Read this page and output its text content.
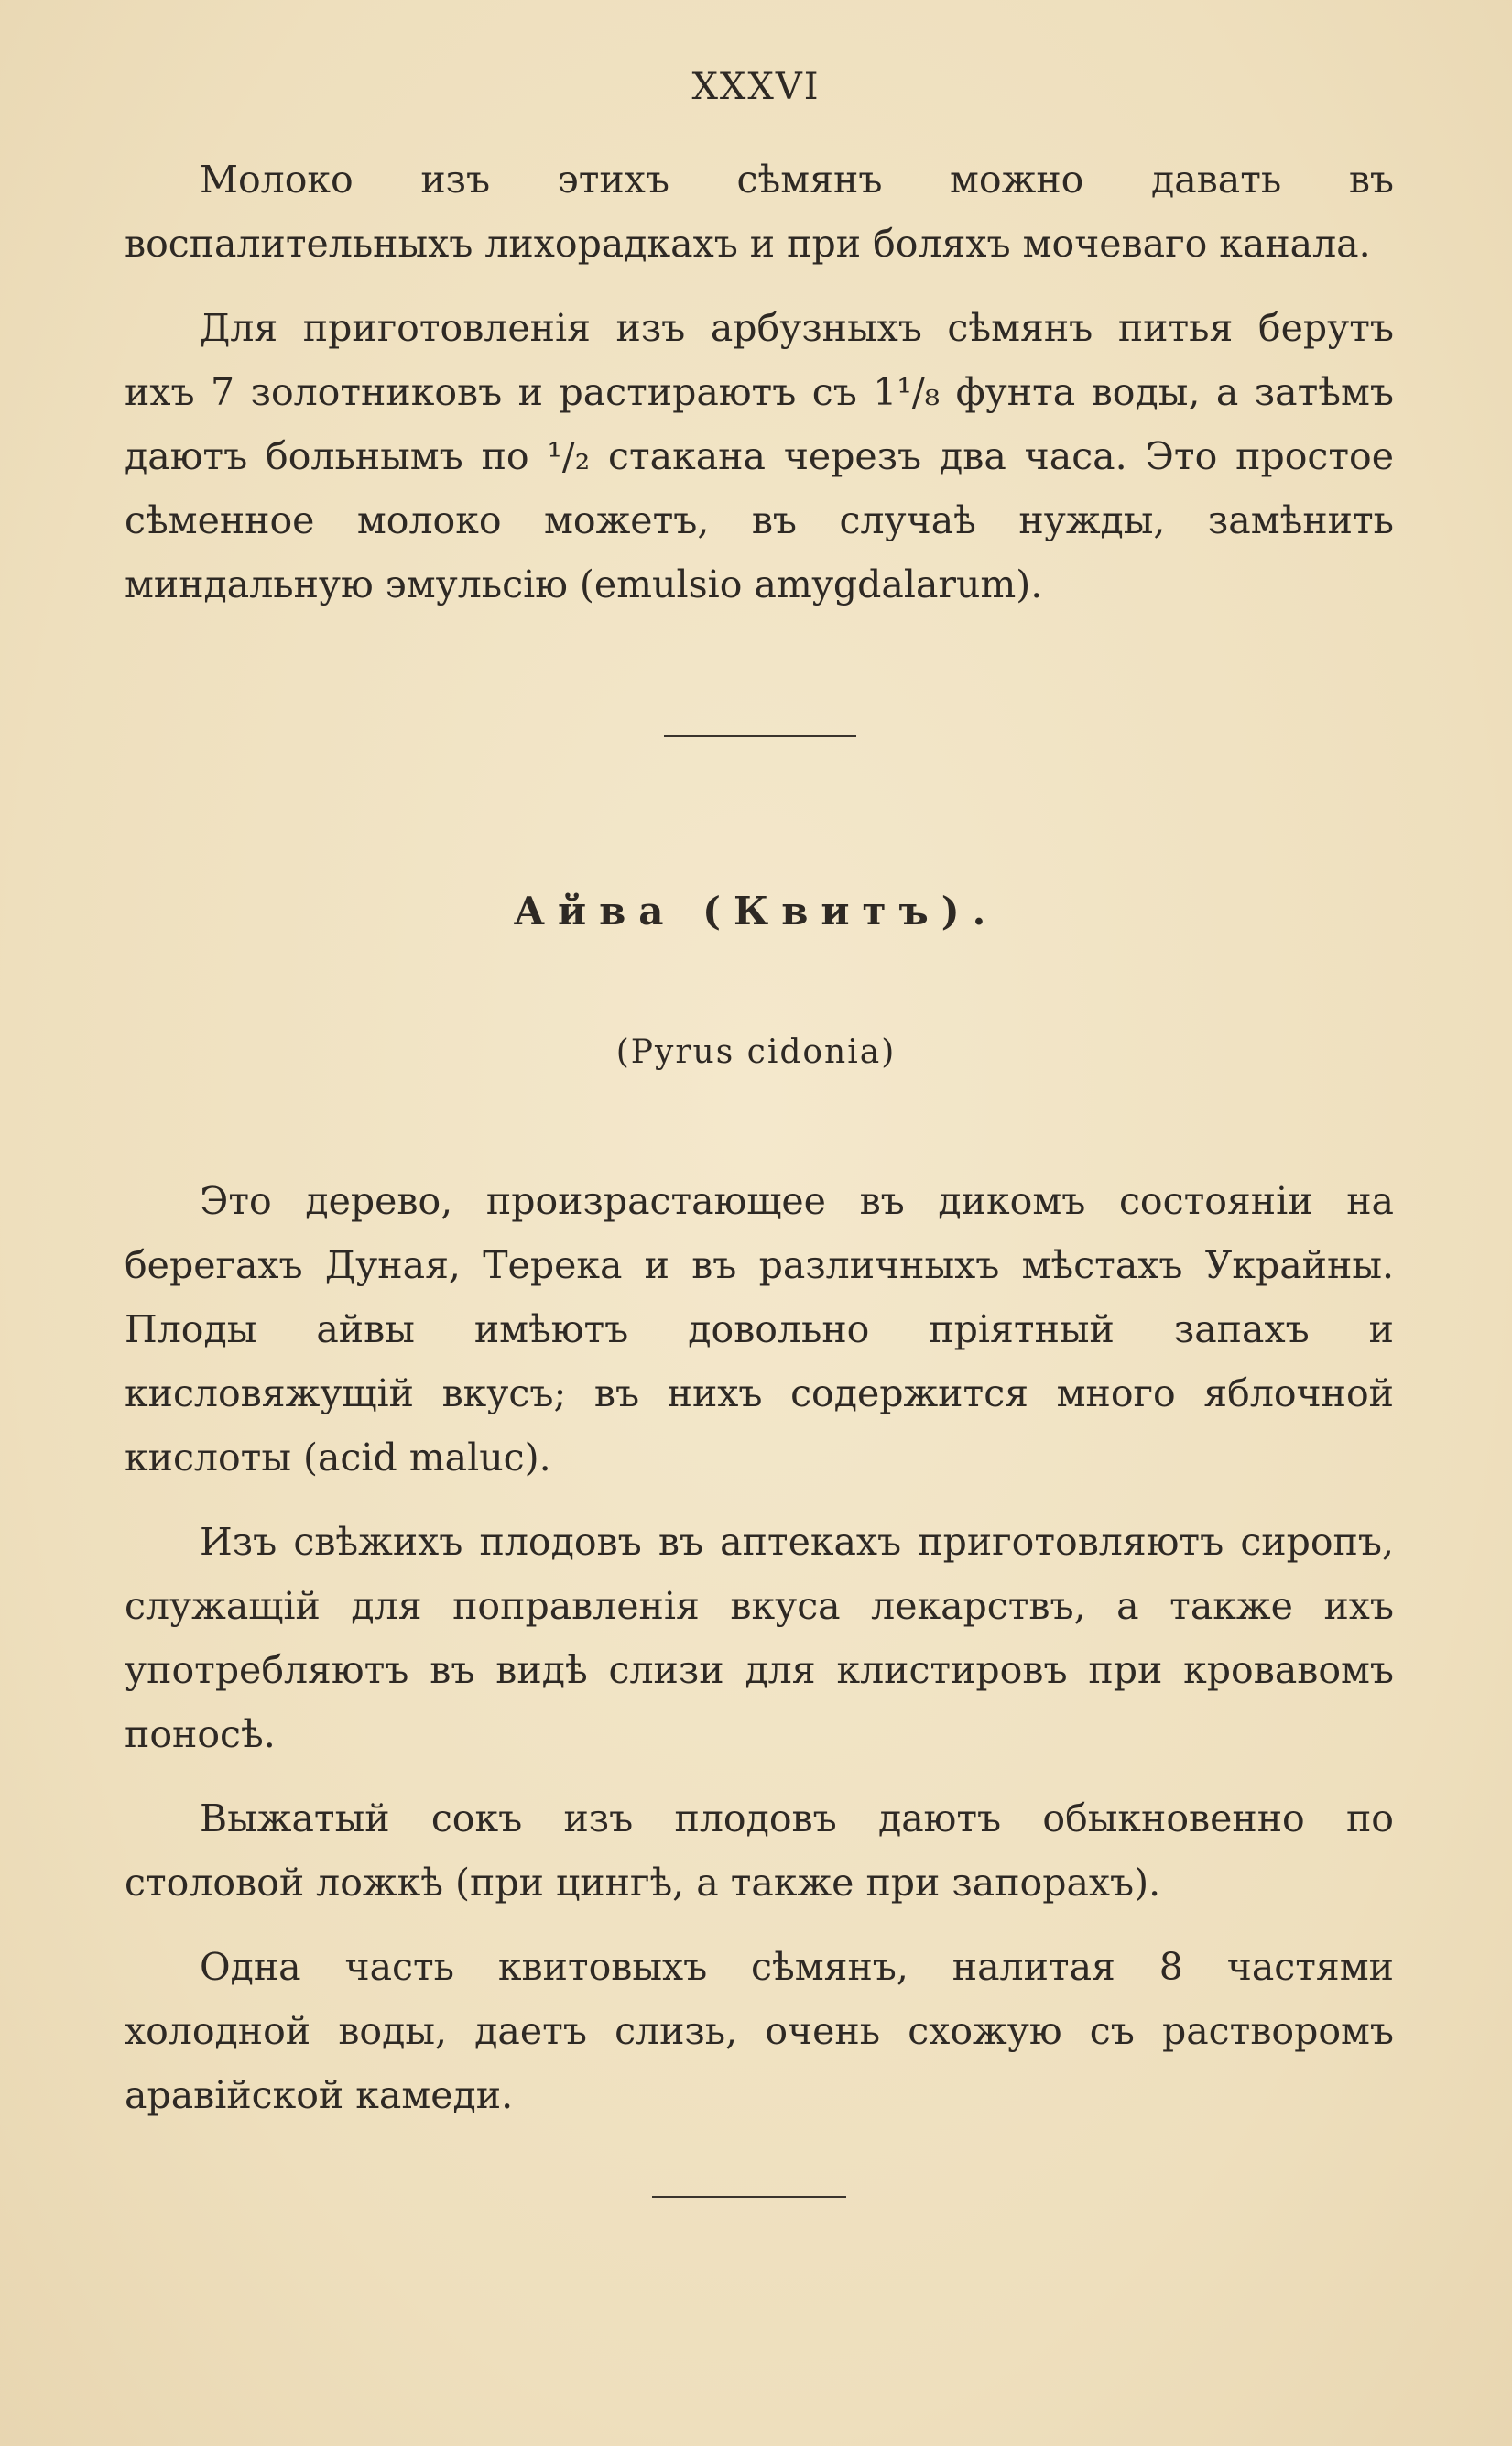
XXXVI

Молоко изъ этихъ сѣмянъ можно давать въ воспалительныхъ лихорадкахъ и при боляхъ мочеваго канала.

Для приготовленія изъ арбузныхъ сѣмянъ питья берутъ ихъ 7 золотниковъ и растираютъ съ 1¹/₈ фунта воды, а затѣмъ даютъ больнымъ по ¹/₂ стакана черезъ два часа. Это простое сѣменное молоко можетъ, въ случаѣ нужды, замѣнить миндальную эмульсію (emulsio amygdalarum).

Айва (Квитъ).
(Pyrus cidonia)

Это дерево, произрастающее въ дикомъ состояніи на берегахъ Дуная, Терека и въ различныхъ мѣстахъ Украйны. Плоды айвы имѣютъ довольно пріятный запахъ и кисловяжущій вкусъ; въ нихъ содержится много яблочной кислоты (acid maluc).

Изъ свѣжихъ плодовъ въ аптекахъ приготовляютъ сиропъ, служащій для поправленія вкуса лекарствъ, а также ихъ употребляютъ въ видѣ слизи для клистировъ при кровавомъ поносѣ.

Выжатый сокъ изъ плодовъ даютъ обыкновенно по столовой ложкѣ (при цингѣ, а также при запорахъ).

Одна часть квитовыхъ сѣмянъ, налитая 8 частями холодной воды, даетъ слизь, очень схожую съ растворомъ аравійской камеди.
